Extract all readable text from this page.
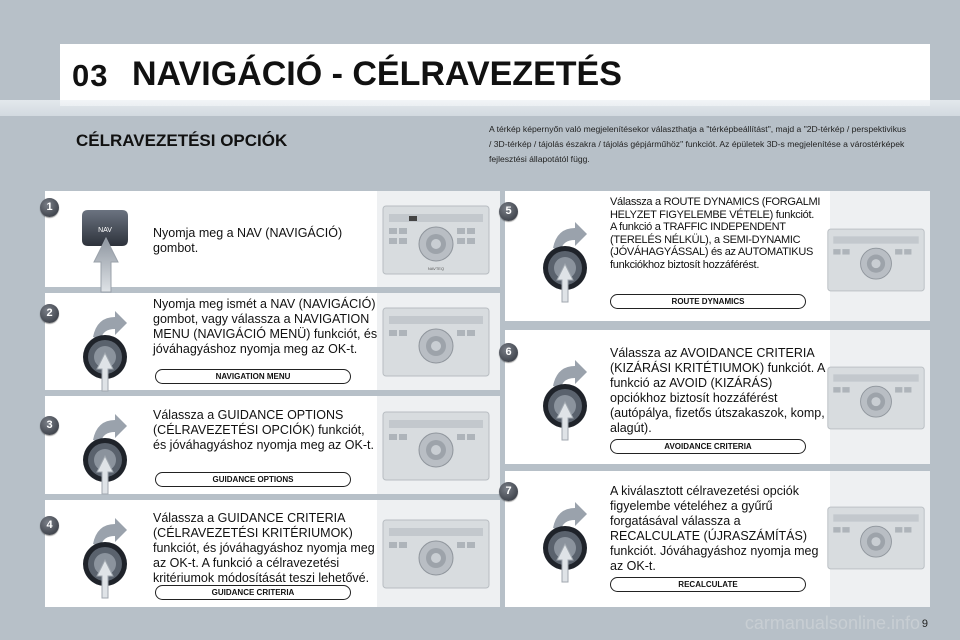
03 NAVIGÁCIÓ - CÉLRAVEZETÉS
CÉLRAVEZETÉSI OPCIÓK
A térkép képernyőn való megjelenítésekor választhatja a "térképbeállítást", majd a "2D-térkép / perspektivikus / 3D-térkép / tájolás északra / tájolás gépjárműhöz" funkciót. Az épületek 3D-s megjelenítése a várostérképek fejlesztési állapotától függ.
1
NAV	Nyomja meg a NAV (NAVIGÁCIÓ) gombot.
NAVTEQ
2
Nyomja meg ismét a NAV (NAVIGÁCIÓ) gombot, vagy válassza a NAVIGATION MENU (NAVIGÁCIÓ MENÜ) funkciót, és jóváhagyáshoz nyomja meg az OK-t.
NAVIGATION MENU
3
Válassza a GUIDANCE OPTIONS (CÉLRAVEZETÉSI OPCIÓK) funkciót, és jóváhagyáshoz nyomja meg az OK-t.
GUIDANCE OPTIONS
4	Válassza a GUIDANCE CRITERIA (CÉLRAVEZETÉSI KRITÉRIUMOK) funkciót, és jóváhagyáshoz nyomja meg az OK-t. A funkció a célravezetési kritériumok módosítását teszi lehetővé.
GUIDANCE CRITERIA
5
Válassza a ROUTE DYNAMICS (FORGALMI HELYZET FIGYELEMBE VÉTELE) funkciót. A funkció a TRAFFIC INDEPENDENT (TERELÉS NÉLKÜL), a SEMI-DYNAMIC (JÓVÁHAGYÁSSAL) és az AUTOMATIKUS funkciókhoz biztosít hozzáférést.
ROUTE DYNAMICS
6	Válassza az AVOIDANCE CRITERIA (KIZÁRÁSI KRITÉTIUMOK) funkciót. A funkció az AVOID (KIZÁRÁS) opciókhoz biztosít hozzáférést (autópálya, fizetős útszakaszok, komp, alagút).
AVOIDANCE CRITERIA
7	A kiválasztott célravezetési opciók figyelembe vételéhez a gyűrű forgatásával válassza a RECALCULATE (ÚJRASZÁMÍTÁS) funkciót. Jóváhagyáshoz nyomja meg az OK-t.
RECALCULATE
carmanualsonline.info 9
